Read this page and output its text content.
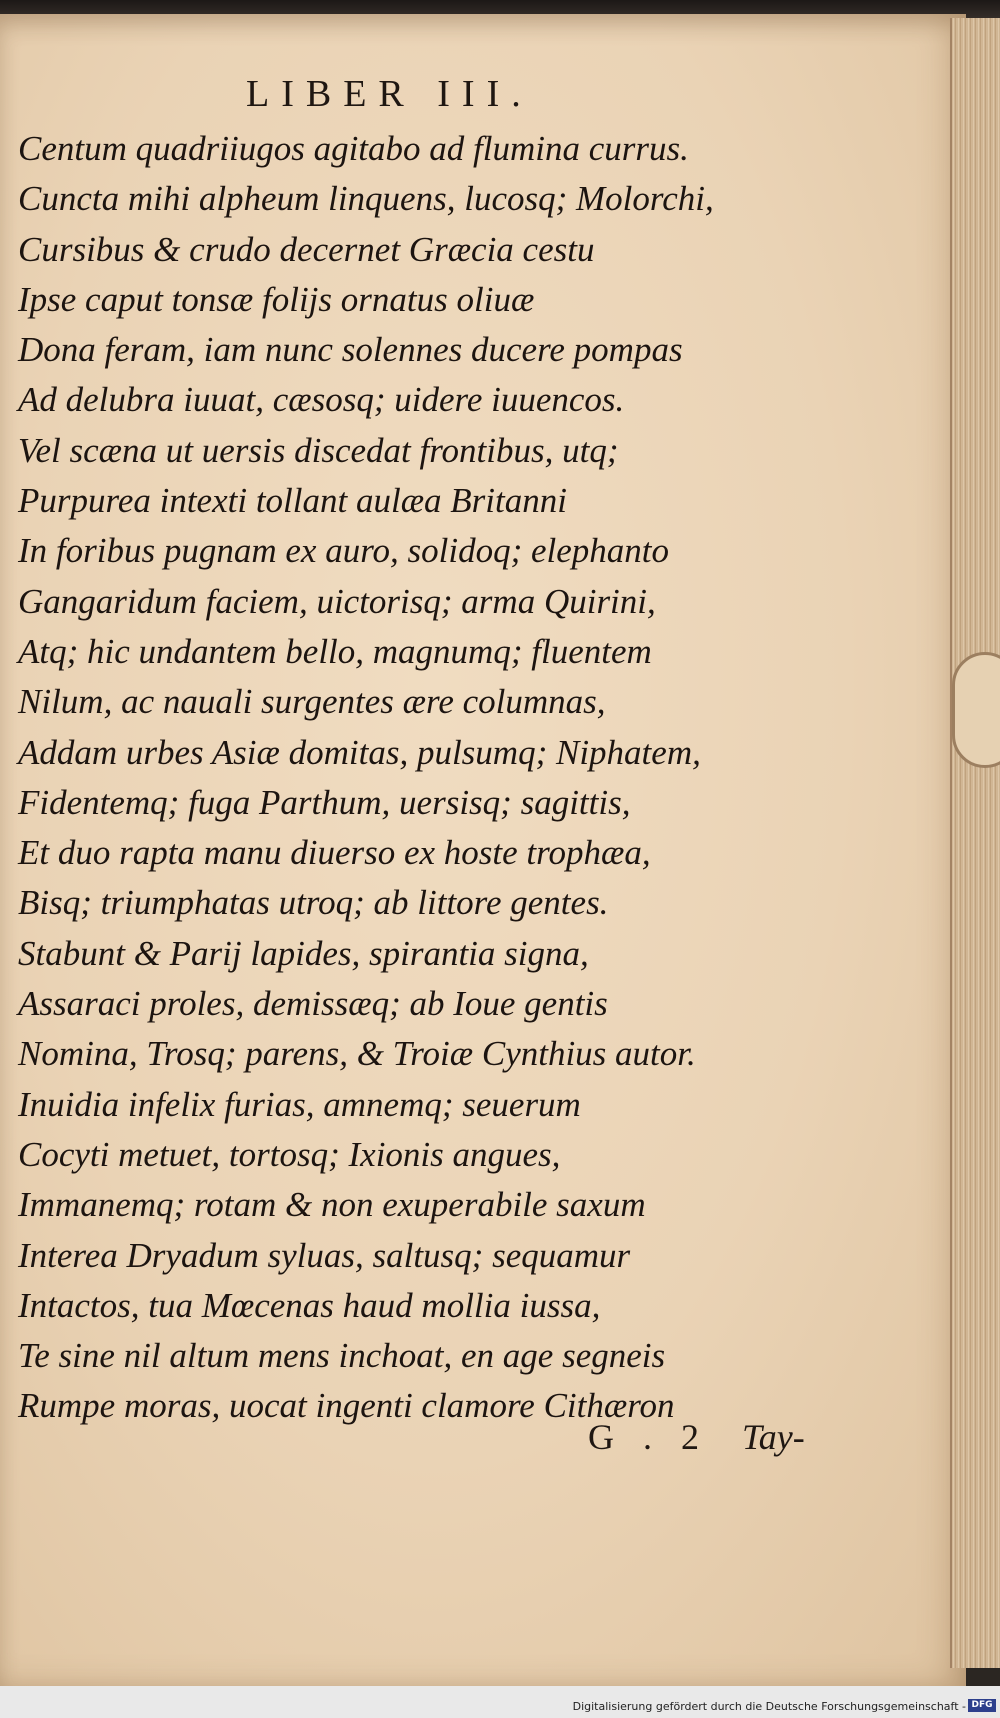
LIBER III.
Centum quadriiugos agitabo ad flumina currus.
Cuncta mihi alpheum linquens, lucosq; Molorchi,
Cursibus & crudo decernet Græcia cestu
Ipse caput tonsæ folijs ornatus oliuæ
Dona feram, iam nunc solennes ducere pompas
Ad delubra iuuat, cæsosq; uidere iuuencos.
Vel scæna ut uersis discedat frontibus, utq;
Purpurea intexti tollant aulæa Britanni
In foribus pugnam ex auro, solidoq; elephanto
Gangaridum faciem, uictorisq; arma Quirini,
Atq; hic undantem bello, magnumq; fluentem
Nilum, ac nauali surgentes ære columnas,
Addam urbes Asiæ domitas, pulsumq; Niphatem,
Fidentemq; fuga Parthum, uersisq; sagittis,
Et duo rapta manu diuerso ex hoste trophæa,
Bisq; triumphatas utroq; ab littore gentes.
Stabunt & Parij lapides, spirantia signa,
Assaraci proles, demissæq; ab Ioue gentis
Nomina, Trosq; parens, & Troiæ Cynthius autor.
Inuidia infelix furias, amnemq; seuerum
Cocyti metuet, tortosq; Ixionis angues,
Immanemq; rotam & non exuperabile saxum
Interea Dryadum syluas, saltusq; sequamur
Intactos, tua Mœcenas haud mollia iussa,
Te sine nil altum mens inchoat, en age segneis
Rumpe moras, uocat ingenti clamore Cithæron
G . 2 Tay-
Digitalisierung gefördert durch die Deutsche Forschungsgemeinschaft - DFG
